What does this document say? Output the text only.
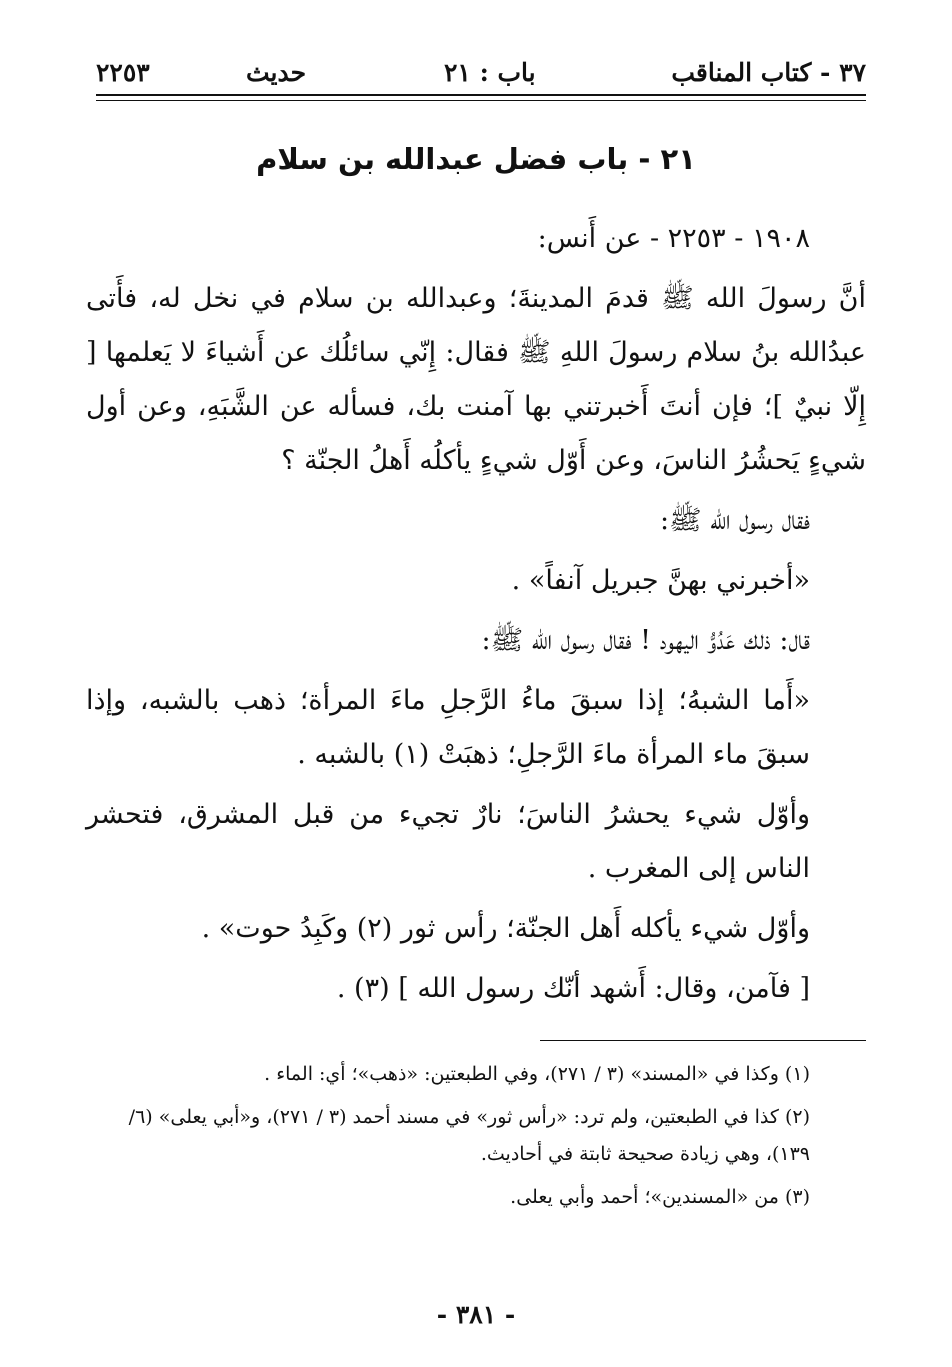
٣٧ - كتاب المناقب
باب : ٢١
حديث
٢٢٥٣
٢١ - باب فضل عبدالله بن سلام

١٩٠٨ - ٢٢٥٣ - عن أَنس:

أنَّ رسولَ الله ﷺ قدمَ المدينةَ؛ وعبدالله بن سلام في نخل له، فأَتى عبدُالله بنُ سلام رسولَ اللهِ ﷺ فقال: إِنّي سائلُك عن أَشياءَ لا يَعلمها [ إِلّا نبيٌ ]؛ فإن أنتَ أَخبرتني بها آمنت بك، فسأله عن الشَّبَهِ، وعن أول شيءٍ يَحشُرُ الناسَ، وعن أَوّل شيءٍ يأكلُه أَهلُ الجنّة ؟

فقال رسول الله ﷺ:

«أخبرني بهنَّ جبريل آنفاً» .

قال: ذلك عَدُوُّ اليهود ! فقال رسول الله ﷺ:

«أَما الشبهُ؛ إذا سبقَ ماءُ الرَّجلِ ماءَ المرأة؛ ذهب بالشبه، وإذا سبقَ ماء المرأة ماءَ الرَّجلِ؛ ذهبَتْ (١) بالشبه .

وأوّل شيء يحشرُ الناسَ؛ نارٌ تجيء من قبل المشرق، فتحشر الناس إلى المغرب .

وأوّل شيء يأكله أَهل الجنّة؛ رأس ثور (٢) وكَبِدُ حوت» .

[ فآمن، وقال: أَشهد أنّك رسول الله ] (٣) .

(١) وكذا في «المسند» (٣ / ٢٧١)، وفي الطبعتين: «ذهب»؛ أي: الماء .

(٢) كذا في الطبعتين، ولم ترد: «رأس ثور» في مسند أحمد (٣ / ٢٧١)، و«أبي يعلى» (٦/ ١٣٩)، وهي زيادة صحيحة ثابتة في أحاديث.

(٣) من «المسندين»؛ أحمد وأبي يعلى.

- ٣٨١ -
